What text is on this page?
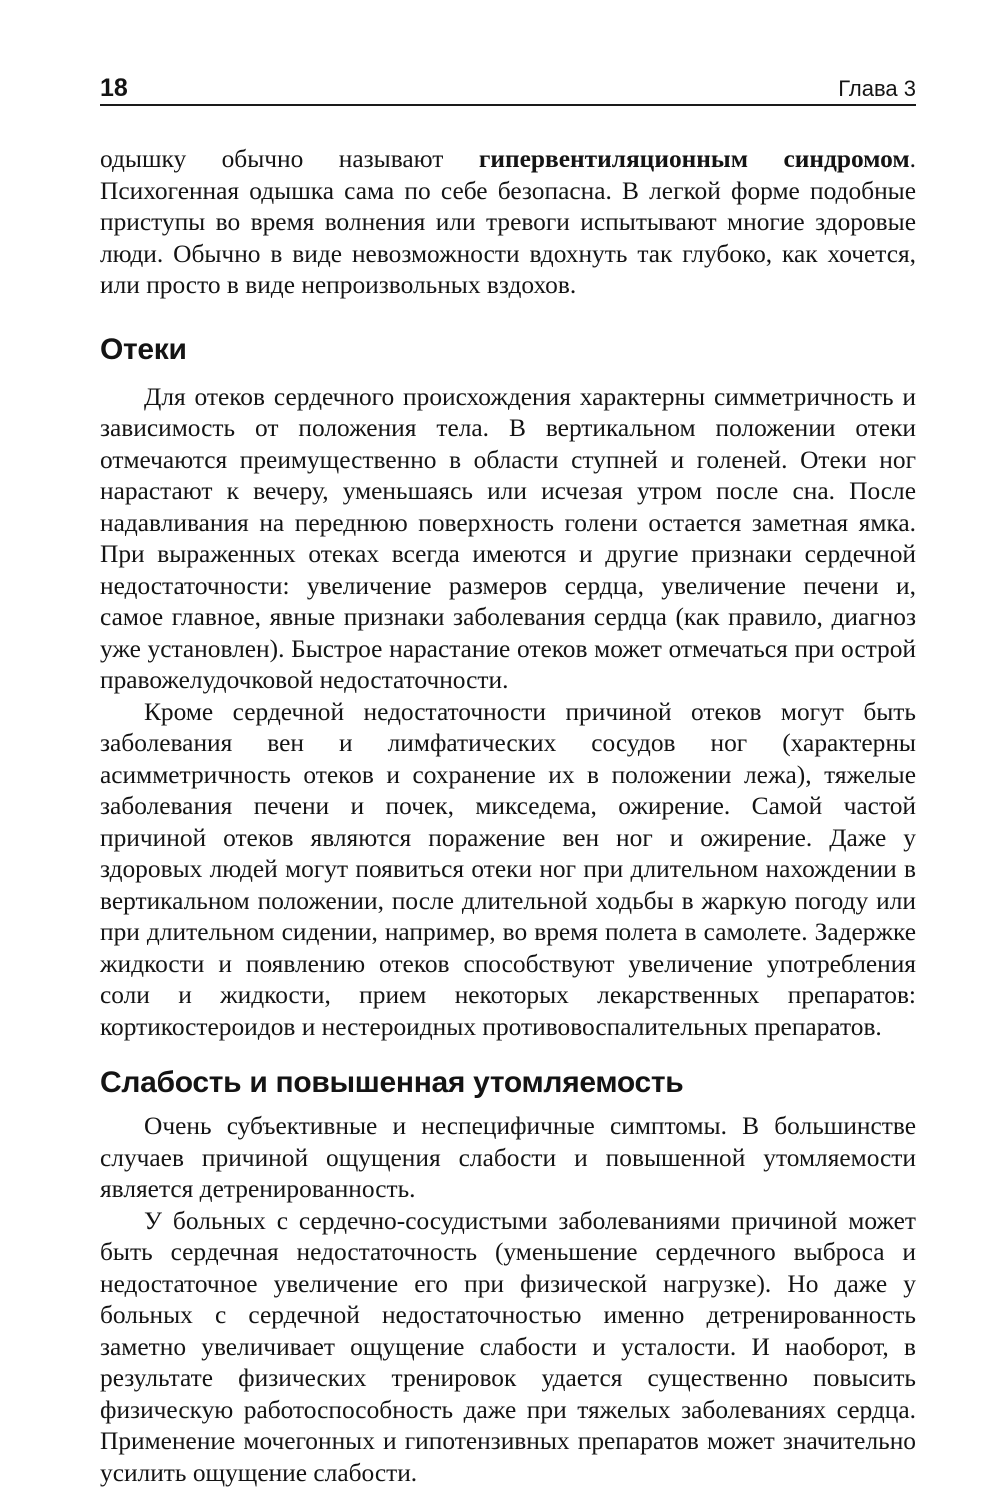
18	Глава 3

одышку обычно называют гипервентиляционным синдромом. Психогенная одышка сама по себе безопасна. В легкой форме подобные приступы во время волнения или тревоги испытывают многие здоровые люди. Обычно в виде невозможности вдохнуть так глубоко, как хочется, или просто в виде непроизвольных вздохов.

Отеки

Для отеков сердечного происхождения характерны симметричность и зависимость от положения тела. В вертикальном положении отеки отмечаются преимущественно в области ступней и голеней. Отеки ног нарастают к вечеру, уменьшаясь или исчезая утром после сна. После надавливания на переднюю поверхность голени остается заметная ямка. При выраженных отеках всегда имеются и другие признаки сердечной недостаточности: увеличение размеров сердца, увеличение печени и, самое главное, явные признаки заболевания сердца (как правило, диагноз уже установлен). Быстрое нарастание отеков может отмечаться при острой правожелудочковой недостаточности.

Кроме сердечной недостаточности причиной отеков могут быть заболевания вен и лимфатических сосудов ног (характерны асимметричность отеков и сохранение их в положении лежа), тяжелые заболевания печени и почек, микседема, ожирение. Самой частой причиной отеков являются поражение вен ног и ожирение. Даже у здоровых людей могут появиться отеки ног при длительном нахождении в вертикальном положении, после длительной ходьбы в жаркую погоду или при длительном сидении, например, во время полета в самолете. Задержке жидкости и появлению отеков способствуют увеличение употребления соли и жидкости, прием некоторых лекарственных препаратов: кортикостероидов и нестероидных противовоспалительных препаратов.

Слабость и повышенная утомляемость

Очень субъективные и неспецифичные симптомы. В большинстве случаев причиной ощущения слабости и повышенной утомляемости является детренированность.

У больных с сердечно-сосудистыми заболеваниями причиной может быть сердечная недостаточность (уменьшение сердечного выброса и недостаточное увеличение его при физической нагрузке). Но даже у больных с сердечной недостаточностью именно детренированность заметно увеличивает ощущение слабости и усталости. И наоборот, в результате физических тренировок удается существенно повысить физическую работоспособность даже при тяжелых заболеваниях сердца. Применение мочегонных и гипотензивных препаратов может значительно усилить ощущение слабости.
